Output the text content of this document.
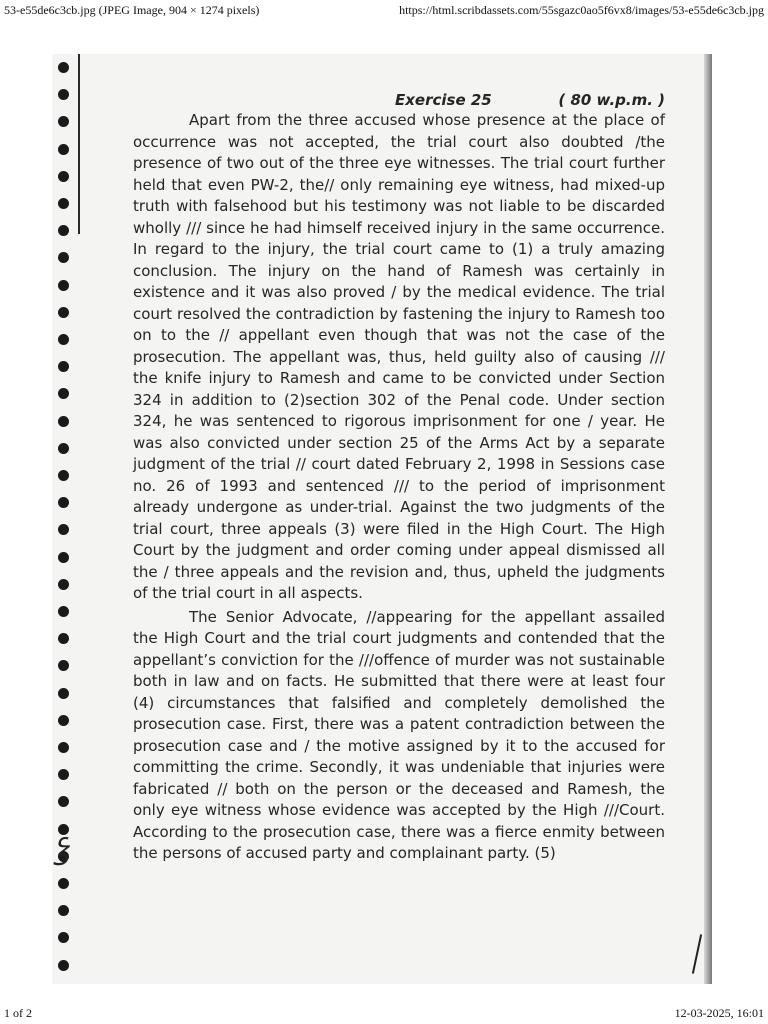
53-e55de6c3cb.jpg (JPEG Image, 904 × 1274 pixels)	https://html.scribdassets.com/55sgazc0ao5f6vx8/images/53-e55de6c3cb.jpg
ꝣ
Exercise 25	( 80 w.p.m. )

Apart from the three accused whose presence at the place of occurrence was not accepted, the trial court also doubted /the presence of two out of the three eye witnesses. The trial court further held that even PW-2, the// only remaining eye witness, had mixed-up truth with falsehood but his testimony was not liable to be discarded wholly /// since he had himself received injury in the same occurrence. In regard to the injury, the trial court came to (1) a truly amazing conclusion. The injury on the hand of Ramesh was certainly in existence and it was also proved / by the medical evidence. The trial court resolved the contradiction by fastening the injury to Ramesh too on to the // appellant even though that was not the case of the prosecution. The appellant was, thus, held guilty also of causing /// the knife injury to Ramesh and came to be convicted under Section 324 in addition to (2)section 302 of the Penal code. Under section 324, he was sentenced to rigorous imprisonment for one / year. He was also convicted under section 25 of the Arms Act by a separate judgment of the trial // court dated February 2, 1998 in Sessions case no. 26 of 1993 and sentenced /// to the period of imprisonment already undergone as under-trial. Against the two judgments of the trial court, three appeals (3) were filed in the High Court. The High Court by the judgment and order coming under appeal dismissed all the / three appeals and the revision and, thus, upheld the judgments of the trial court in all aspects.

The Senior Advocate, //appearing for the appellant assailed the High Court and the trial court judgments and contended that the appellant’s conviction for the ///offence of murder was not sustainable both in law and on facts. He submitted that there were at least four (4) circumstances that falsified and completely demolished the prosecution case. First, there was a patent contradiction between the prosecution case and / the motive assigned by it to the accused for committing the crime. Secondly, it was undeniable that injuries were fabricated // both on the person or the deceased and Ramesh, the only eye witness whose evidence was accepted by the High ///Court. According to the prosecution case, there was a fierce enmity between the persons of accused party and complainant party. (5)

1 of 2	12-03-2025, 16:01
